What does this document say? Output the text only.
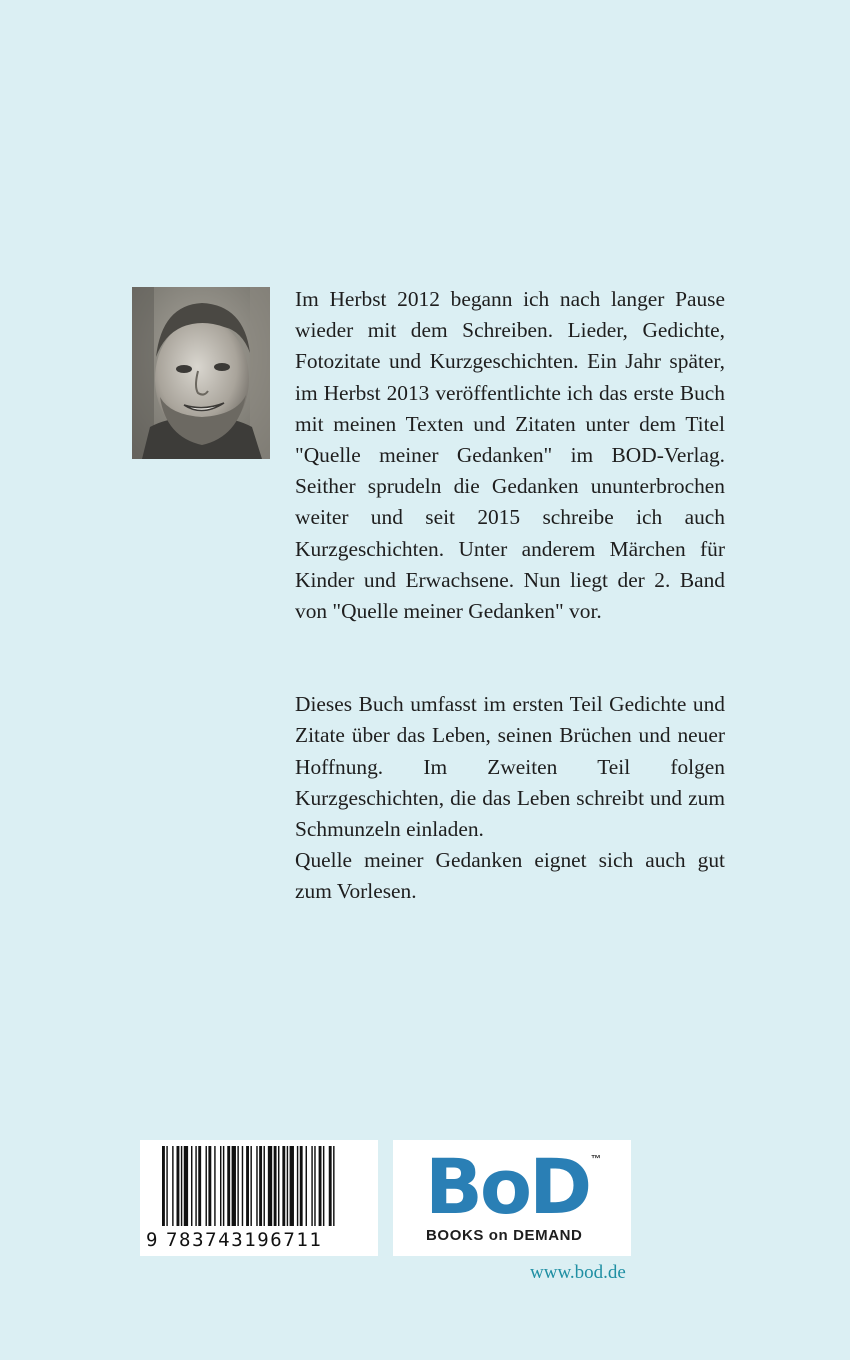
Im Herbst 2012 begann ich nach langer Pause wieder mit dem Schreiben. Lieder, Gedichte, Fotozitate und Kurzgeschichten. Ein Jahr später, im Herbst 2013 veröffentlichte ich das erste Buch mit meinen Texten und Zitaten unter dem Titel "Quelle meiner Gedanken" im BOD-Verlag. Seither sprudeln die Gedanken ununterbrochen weiter und seit 2015 schreibe ich auch Kurzgeschichten. Unter anderem Märchen für Kinder und Erwachsene. Nun liegt der 2. Band von "Quelle meiner Gedanken" vor.

Dieses Buch umfasst im ersten Teil Gedichte und Zitate über das Leben, seinen Brüchen und neuer Hoffnung. Im Zweiten Teil folgen Kurzgeschichten, die das Leben schreibt und zum Schmunzeln einladen.

Quelle meiner Gedanken eignet sich auch gut zum Vorlesen.

9 783743196711
BoD ™
BOOKS on DEMAND
www.bod.de
